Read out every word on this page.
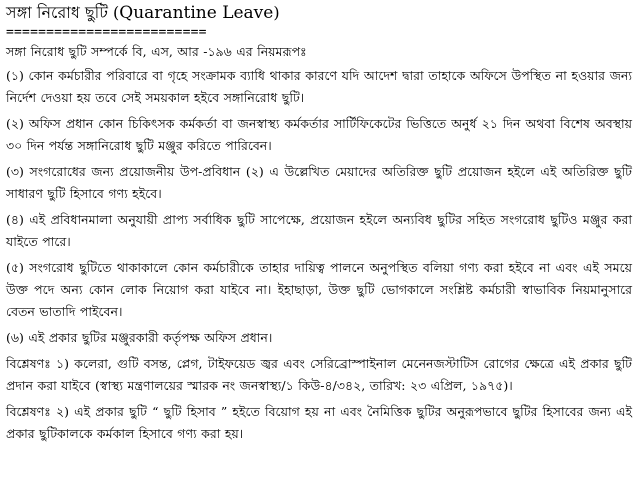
সঙ্গা নিরোধ ছুটি (Quarantine Leave)

=========================

সঙ্গা নিরোধ ছুটি সম্পর্কে বি, এস, আর -১৯৬ এর নিয়মরূপঃ

(১) কোন কর্মচারীর পরিবারে বা গৃহে সংক্রামক ব্যাধি থাকার কারণে যদি আদেশ দ্বারা তাহাকে অফিসে উপস্থিত না হওয়ার জন্য নির্দেশ দেওয়া হয় তবে সেই সময়কাল হইবে সঙ্গানিরোধ ছুটি।

(২) অফিস প্রধান কোন চিকিৎসক কর্মকর্তা বা জনস্বাস্থ্য কর্মকর্তার সার্টিফিকেটের ভিত্তিতে অনুর্ধ ২১ দিন অথবা বিশেষ অবস্থায় ৩০ দিন পর্যন্ত সঙ্গানিরোধ ছুটি মঞ্জুর করিতে পারিবেন।

(৩) সংগরোধের জন্য প্রয়োজনীয় উপ-প্রবিধান (২) এ উল্লেখিত মেয়াদের অতিরিক্ত ছুটি প্রয়োজন হইলে এই অতিরিক্ত ছুটি সাধারণ ছুটি হিসাবে গণ্য হইবে।

(৪) এই প্রবিধানমালা অনুযায়ী প্রাপ্য সর্বাধিক ছুটি সাপেক্ষে, প্রয়োজন হইলে অন্যবিধ ছুটির সহিত সংগরোধ ছুটিও মঞ্জুর করা যাইতে পারে।

(৫) সংগরোধ ছুটিতে থাকাকালে কোন কর্মচারীকে তাহার দায়িত্ব পালনে অনুপস্থিত বলিয়া গণ্য করা হইবে না এবং এই সময়ে উক্ত পদে অন্য কোন লোক নিয়োগ করা যাইবে না। ইহাছাড়া, উক্ত ছুটি ভোগকালে সংশ্লিষ্ট কর্মচারী স্বাভাবিক নিয়মানুসারে বেতন ভাতাদি পাইবেন।

(৬) এই প্রকার ছুটির মঞ্জুরকারী কর্তৃপক্ষ অফিস প্রধান।

বিশ্লেষণঃ ১) কলেরা, গুটি বসন্ত, প্লেগ, টাইফয়েড জ্বর এবং সেরিব্রোস্পাইনাল মেনেনজস্টাটিস রোগের ক্ষেত্রে এই প্রকার ছুটি প্রদান করা যাইবে (স্বাস্থ্য মন্ত্রণালয়ের স্মারক নং জনস্বাস্থ্য/১ কিউ-৪/৩৪২, তারিখ: ২৩ এপ্রিল, ১৯৭৫)।

বিশ্লেষণঃ ২) এই প্রকার ছুটি “ ছুটি হিসাব ” হইতে বিয়োগ হয় না এবং নৈমিত্তিক ছুটির অনুরূপভাবে ছুটির হিসাবের জন্য এই প্রকার ছুটিকালকে কর্মকাল হিসাবে গণ্য করা হয়।
